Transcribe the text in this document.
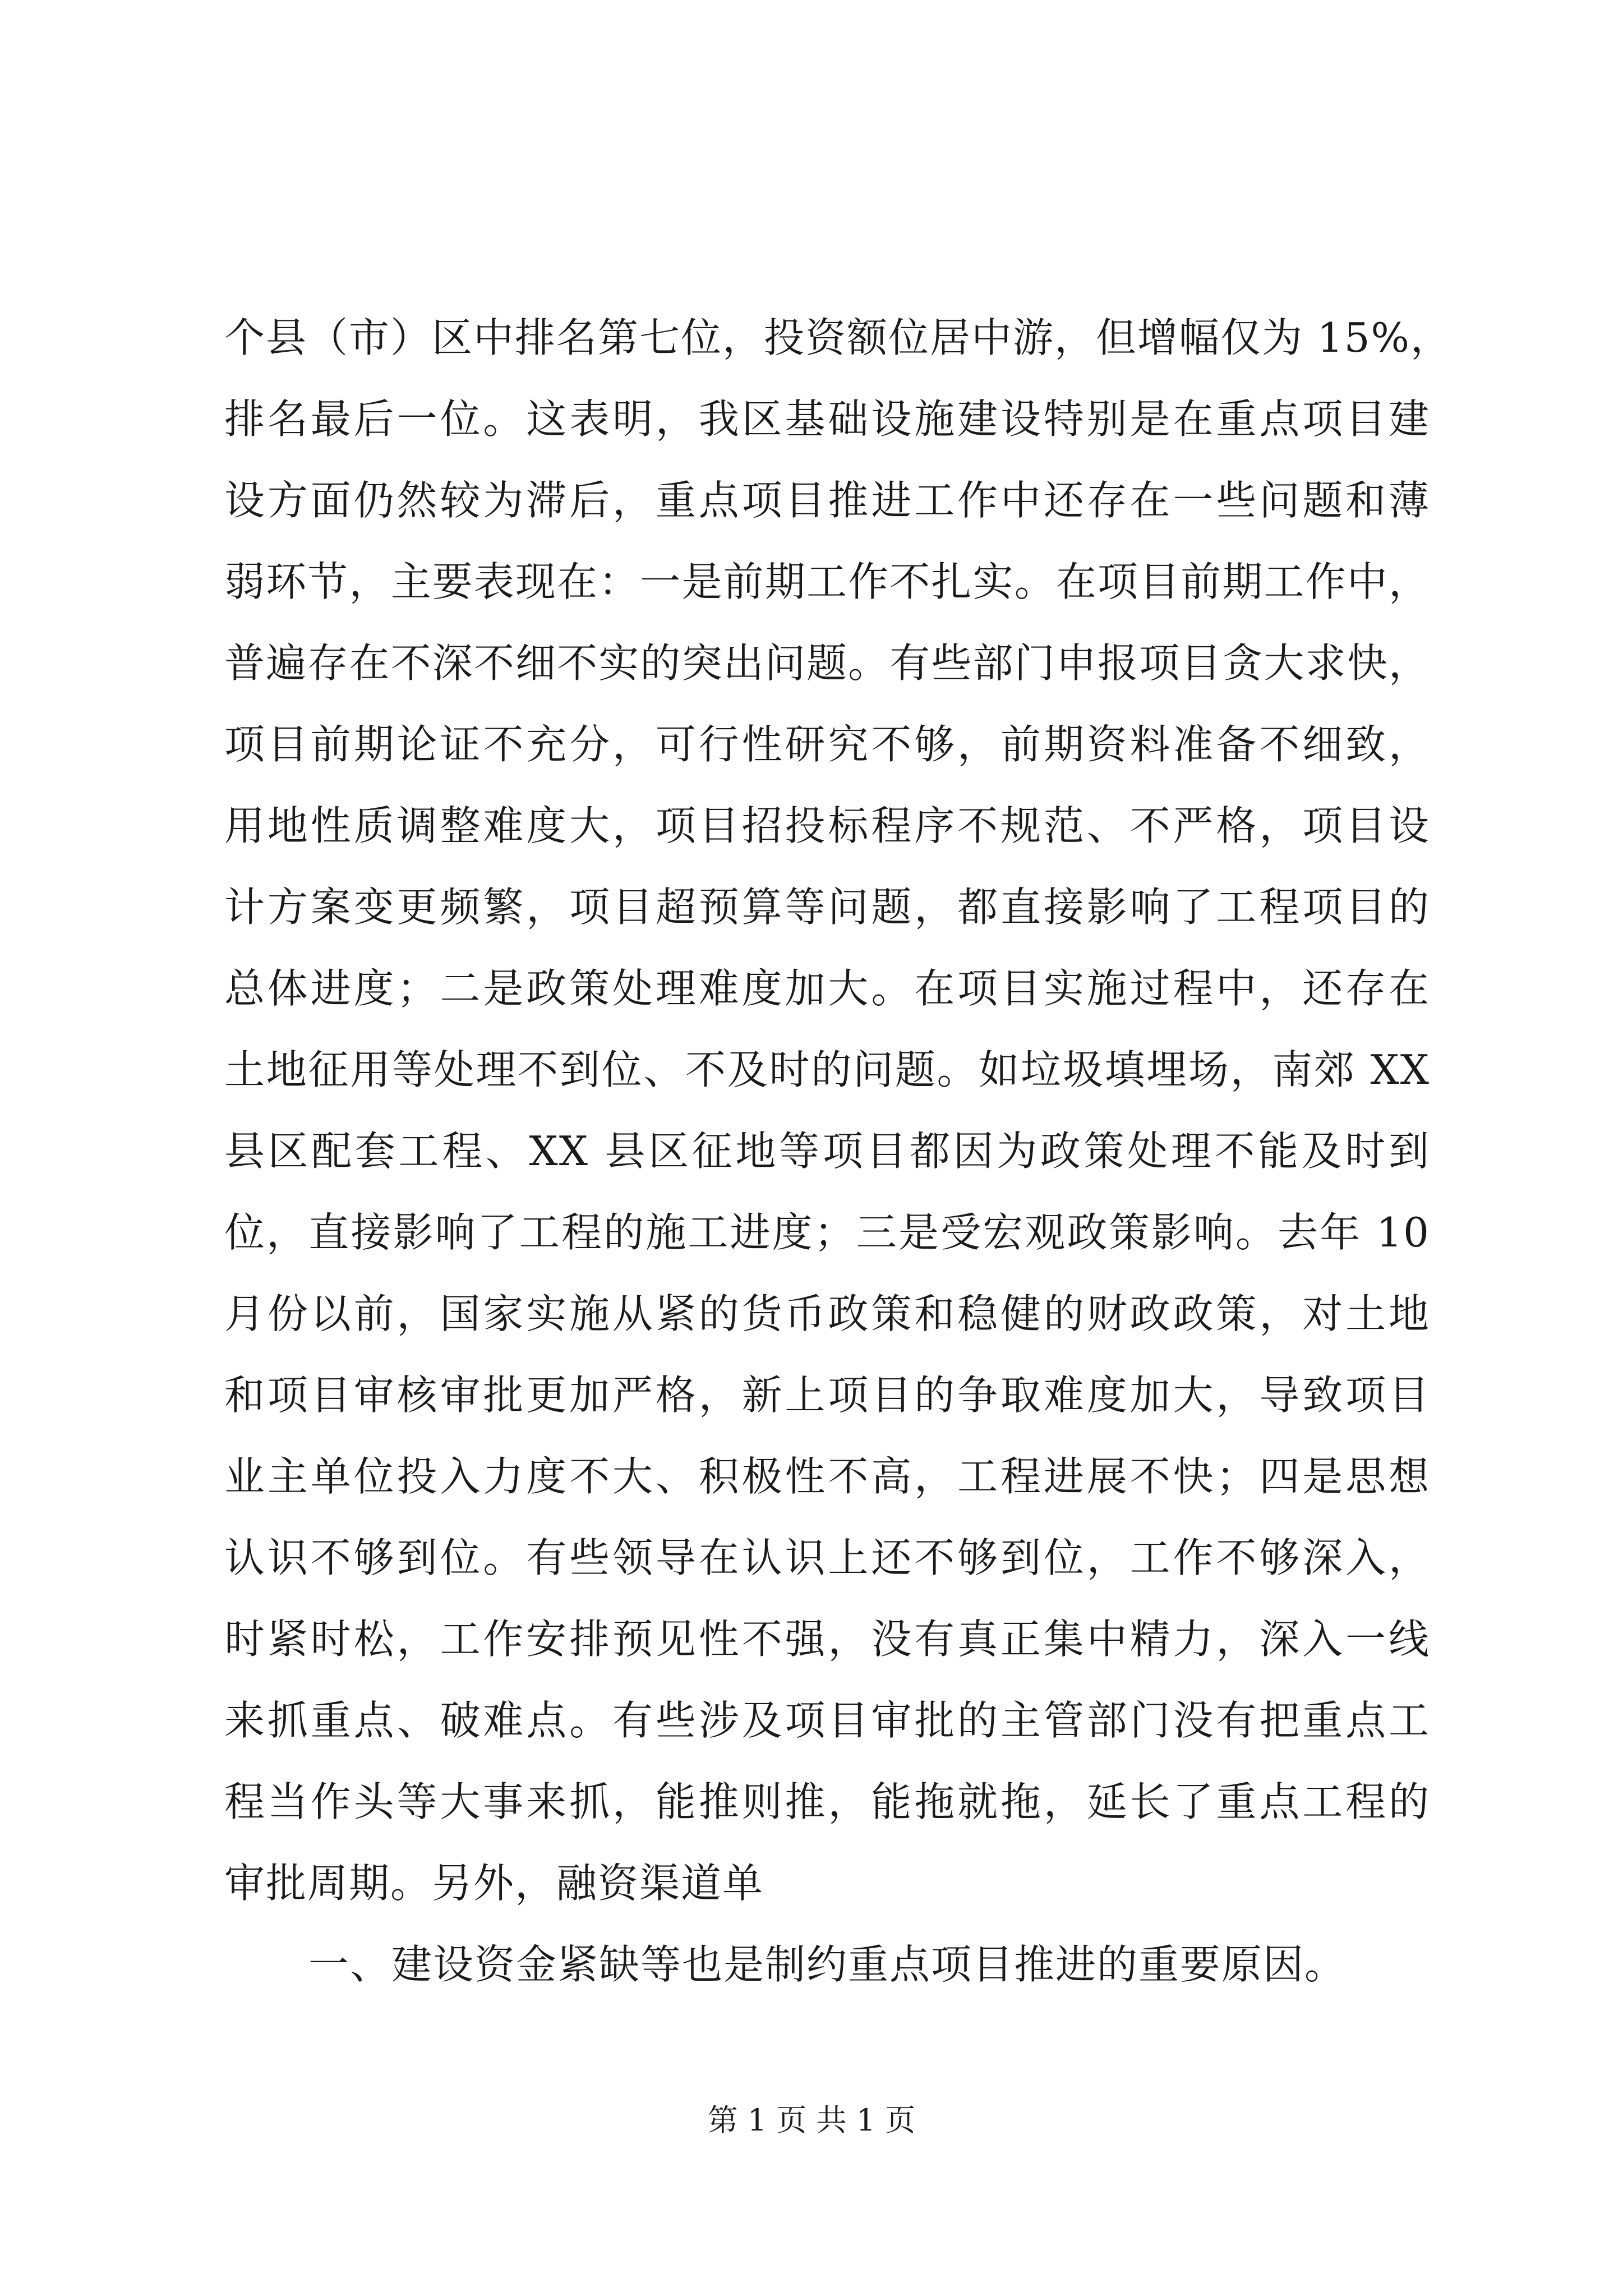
个县（市）区中排名第七位，投资额位居中游，但增幅仅为 15%，
排名最后一位。这表明，我区基础设施建设特别是在重点项目建
设方面仍然较为滞后，重点项目推进工作中还存在一些问题和薄
弱环节，主要表现在：一是前期工作不扎实。在项目前期工作中，
普遍存在不深不细不实的突出问题。有些部门申报项目贪大求快，
项目前期论证不充分，可行性研究不够，前期资料准备不细致，
用地性质调整难度大，项目招投标程序不规范、不严格，项目设
计方案变更频繁，项目超预算等问题，都直接影响了工程项目的
总体进度；二是政策处理难度加大。在项目实施过程中，还存在
土地征用等处理不到位、不及时的问题。如垃圾填埋场，南郊 XX
县区配套工程、XX 县区征地等项目都因为政策处理不能及时到
位，直接影响了工程的施工进度；三是受宏观政策影响。去年 10
月份以前，国家实施从紧的货币政策和稳健的财政政策，对土地
和项目审核审批更加严格，新上项目的争取难度加大，导致项目
业主单位投入力度不大、积极性不高，工程进展不快；四是思想
认识不够到位。有些领导在认识上还不够到位，工作不够深入，
时紧时松，工作安排预见性不强，没有真正集中精力，深入一线
来抓重点、破难点。有些涉及项目审批的主管部门没有把重点工
程当作头等大事来抓，能推则推，能拖就拖，延长了重点工程的
审批周期。另外，融资渠道单
一、建设资金紧缺等也是制约重点项目推进的重要原因。
第 1 页 共 1 页
